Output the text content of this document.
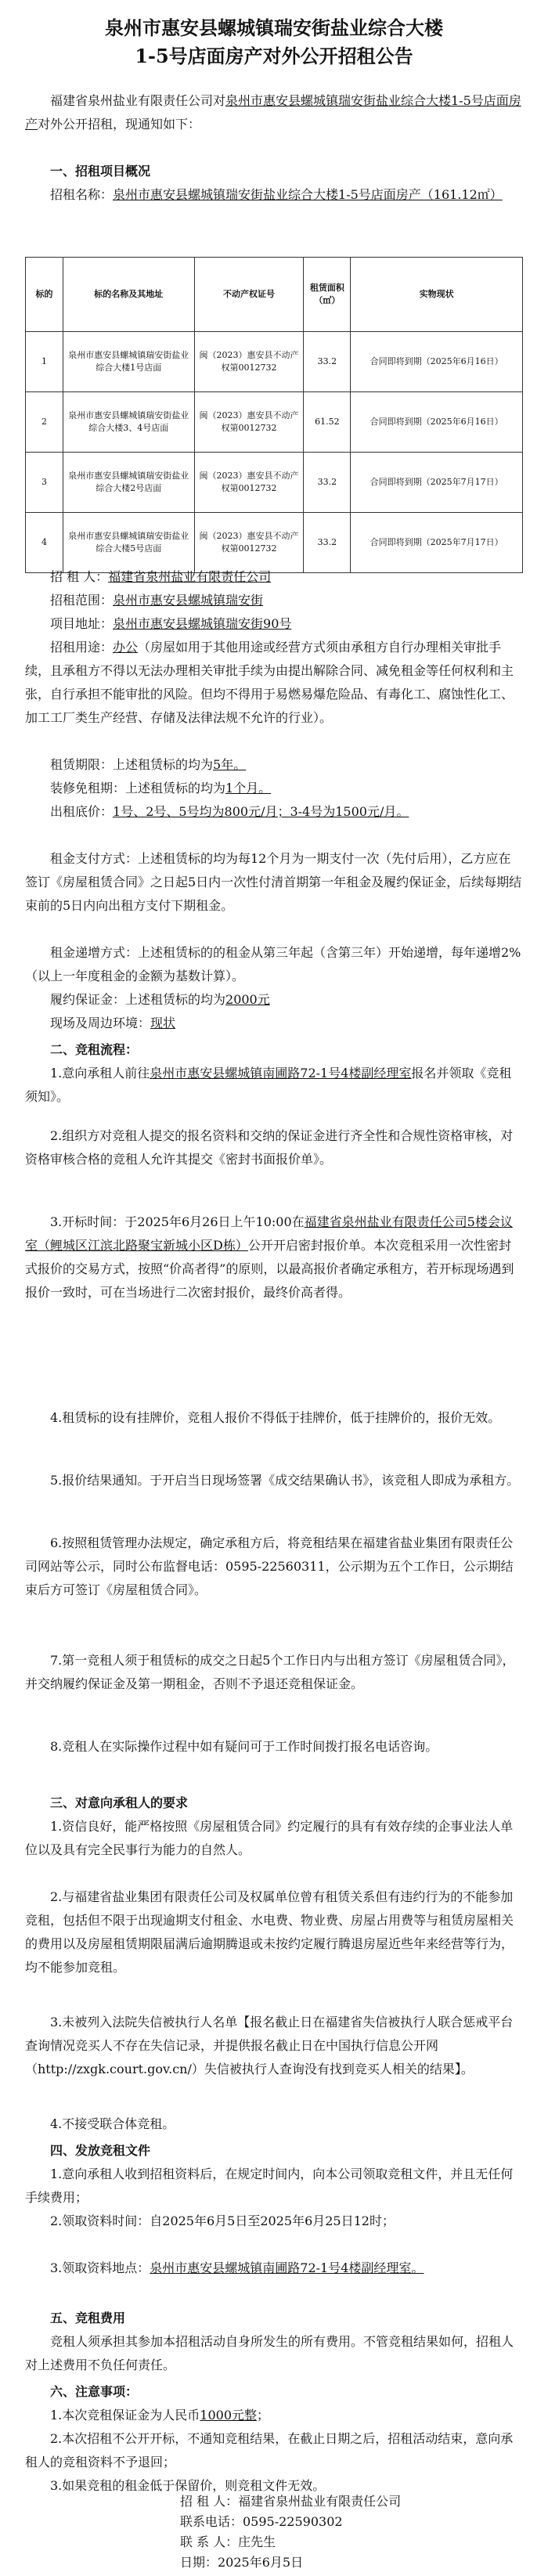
泉州市惠安县螺城镇瑞安街盐业综合大楼
1-5号店面房产对外公开招租公告

福建省泉州盐业有限责任公司对泉州市惠安县螺城镇瑞安街盐业综合大楼1-5号店面房产对外公开招租，现通知如下：

一、招租项目概况

招租名称：泉州市惠安县螺城镇瑞安街盐业综合大楼1-5号店面房产（161.12㎡）

标的	标的名称及其地址	不动产权证号	租赁面积（㎡）	实物现状
1	泉州市惠安县螺城镇瑞安街盐业综合大楼1号店面	闽（2023）惠安县不动产权第0012732	33.2	合同即将到期（2025年6月16日）
2	泉州市惠安县螺城镇瑞安街盐业综合大楼3、4号店面	闽（2023）惠安县不动产权第0012732	61.52	合同即将到期（2025年6月16日）
3	泉州市惠安县螺城镇瑞安街盐业综合大楼2号店面	闽（2023）惠安县不动产权第0012732	33.2	合同即将到期（2025年7月17日）
4	泉州市惠安县螺城镇瑞安街盐业综合大楼5号店面	闽（2023）惠安县不动产权第0012732	33.2	合同即将到期（2025年7月17日）

招 租 人：福建省泉州盐业有限责任公司

招租范围：泉州市惠安县螺城镇瑞安街

项目地址：泉州市惠安县螺城镇瑞安街90号

招租用途：办公（房屋如用于其他用途或经营方式须由承租方自行办理相关审批手续，且承租方不得以无法办理相关审批手续为由提出解除合同、减免租金等任何权利和主张，自行承担不能审批的风险。但均不得用于易燃易爆危险品、有毒化工、腐蚀性化工、加工工厂类生产经营、存储及法律法规不允许的行业）。

租赁期限：上述租赁标的均为5年。

装修免租期：上述租赁标的均为1个月。

出租底价：1号、2号、5号均为800元/月；3-4号为1500元/月。

租金支付方式：上述租赁标的均为每12个月为一期支付一次（先付后用），乙方应在签订《房屋租赁合同》之日起5日内一次性付清首期第一年租金及履约保证金，后续每期结束前的5日内向出租方支付下期租金。

租金递增方式：上述租赁标的的租金从第三年起（含第三年）开始递增，每年递增2%（以上一年度租金的金额为基数计算）。

履约保证金：上述租赁标的均为2000元

现场及周边环境：现状

二、竞租流程：

1.意向承租人前往泉州市惠安县螺城镇南圃路72-1号4楼副经理室报名并领取《竞租须知》。

2.组织方对竞租人提交的报名资料和交纳的保证金进行齐全性和合规性资格审核，对资格审核合格的竞租人允许其提交《密封书面报价单》。

3.开标时间：于2025年6月26日上午10:00在福建省泉州盐业有限责任公司5楼会议室（鲤城区江滨北路聚宝新城小区D栋）公开开启密封报价单。本次竞租采用一次性密封式报价的交易方式，按照“价高者得”的原则，以最高报价者确定承租方，若开标现场遇到报价一致时，可在当场进行二次密封报价，最终价高者得。

4.租赁标的设有挂牌价，竞租人报价不得低于挂牌价，低于挂牌价的，报价无效。

5.报价结果通知。于开启当日现场签署《成交结果确认书》，该竞租人即成为承租方。

6.按照租赁管理办法规定，确定承租方后，将竞租结果在福建省盐业集团有限责任公司网站等公示，同时公布监督电话：0595-22560311，公示期为五个工作日，公示期结束后方可签订《房屋租赁合同》。

7.第一竞租人须于租赁标的成交之日起5个工作日内与出租方签订《房屋租赁合同》，并交纳履约保证金及第一期租金，否则不予退还竞租保证金。

8.竞租人在实际操作过程中如有疑问可于工作时间拨打报名电话咨询。

三、对意向承租人的要求

1.资信良好，能严格按照《房屋租赁合同》约定履行的具有有效存续的企事业法人单位以及具有完全民事行为能力的自然人。

2.与福建省盐业集团有限责任公司及权属单位曾有租赁关系但有违约行为的不能参加竞租，包括但不限于出现逾期支付租金、水电费、物业费、房屋占用费等与租赁房屋相关的费用以及房屋租赁期限届满后逾期腾退或未按约定履行腾退房屋近些年来经营等行为，均不能参加竞租。

3.未被列入法院失信被执行人名单【报名截止日在福建省失信被执行人联合惩戒平台查询情况竞买人不存在失信记录，并提供报名截止日在中国执行信息公开网（http://zxgk.court.gov.cn/）失信被执行人查询没有找到竞买人相关的结果】。

4.不接受联合体竞租。

四、发放竞租文件

1.意向承租人收到招租资料后，在规定时间内，向本公司领取竞租文件，并且无任何手续费用；

2.领取资料时间：自2025年6月5日至2025年6月25日12时；

3.领取资料地点：泉州市惠安县螺城镇南圃路72-1号4楼副经理室。

五、竞租费用

竞租人须承担其参加本招租活动自身所发生的所有费用。不管竞租结果如何，招租人对上述费用不负任何责任。

六、注意事项：

1.本次竞租保证金为人民币1000元整；

2.本次招租不公开开标，不通知竞租结果，在截止日期之后，招租活动结束，意向承租人的竞租资料不予退回；

3.如果竞租的租金低于保留价，则竞租文件无效。

招 租 人：福建省泉州盐业有限责任公司
联系电话：0595-22590302
联 系 人：庄先生
日期：2025年6月5日
